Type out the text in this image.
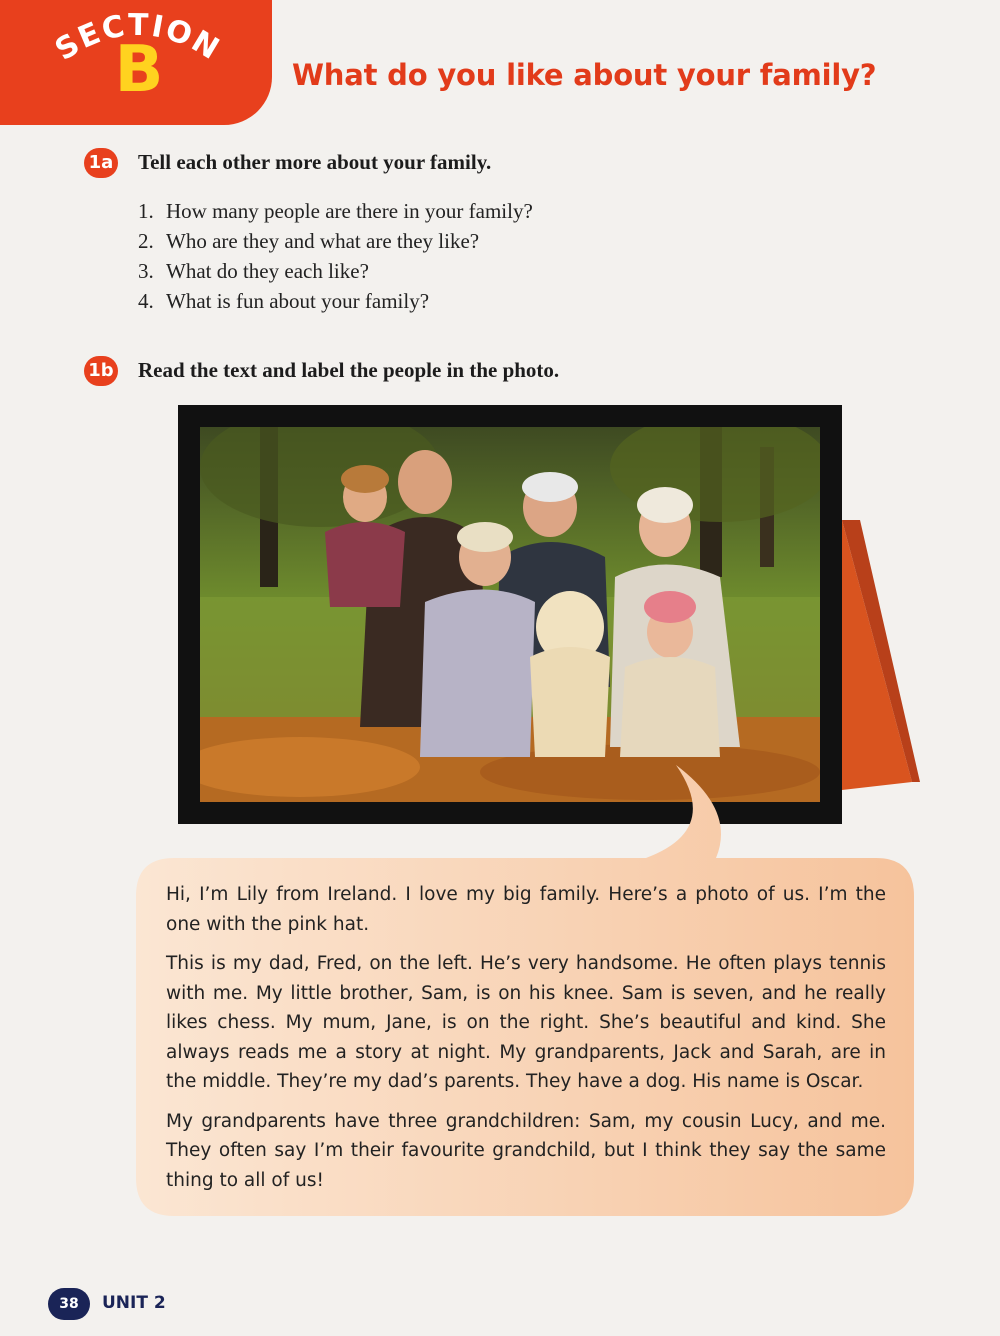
SECTION
B	What do you like about your family?
1a Tell each other more about your family.
1. How many people are there in your family?
2. Who are they and what are they like?
3. What do they each like?
4. What is fun about your family?
1b Read the text and label the people in the photo.

Hi, I’m Lily from Ireland. I love my big family. Here’s a photo of us. I’m the one with the pink hat.

This is my dad, Fred, on the left. He’s very handsome. He often plays tennis with me. My little brother, Sam, is on his knee. Sam is seven, and he really likes chess. My mum, Jane, is on the right. She’s beautiful and kind. She always reads me a story at night. My grandparents, Jack and Sarah, are in the middle. They’re my dad’s parents. They have a dog. His name is Oscar.

My grandparents have three grandchildren: Sam, my cousin Lucy, and me. They often say I’m their favourite grandchild, but I think they say the same thing to all of us!

38	UNIT 2
